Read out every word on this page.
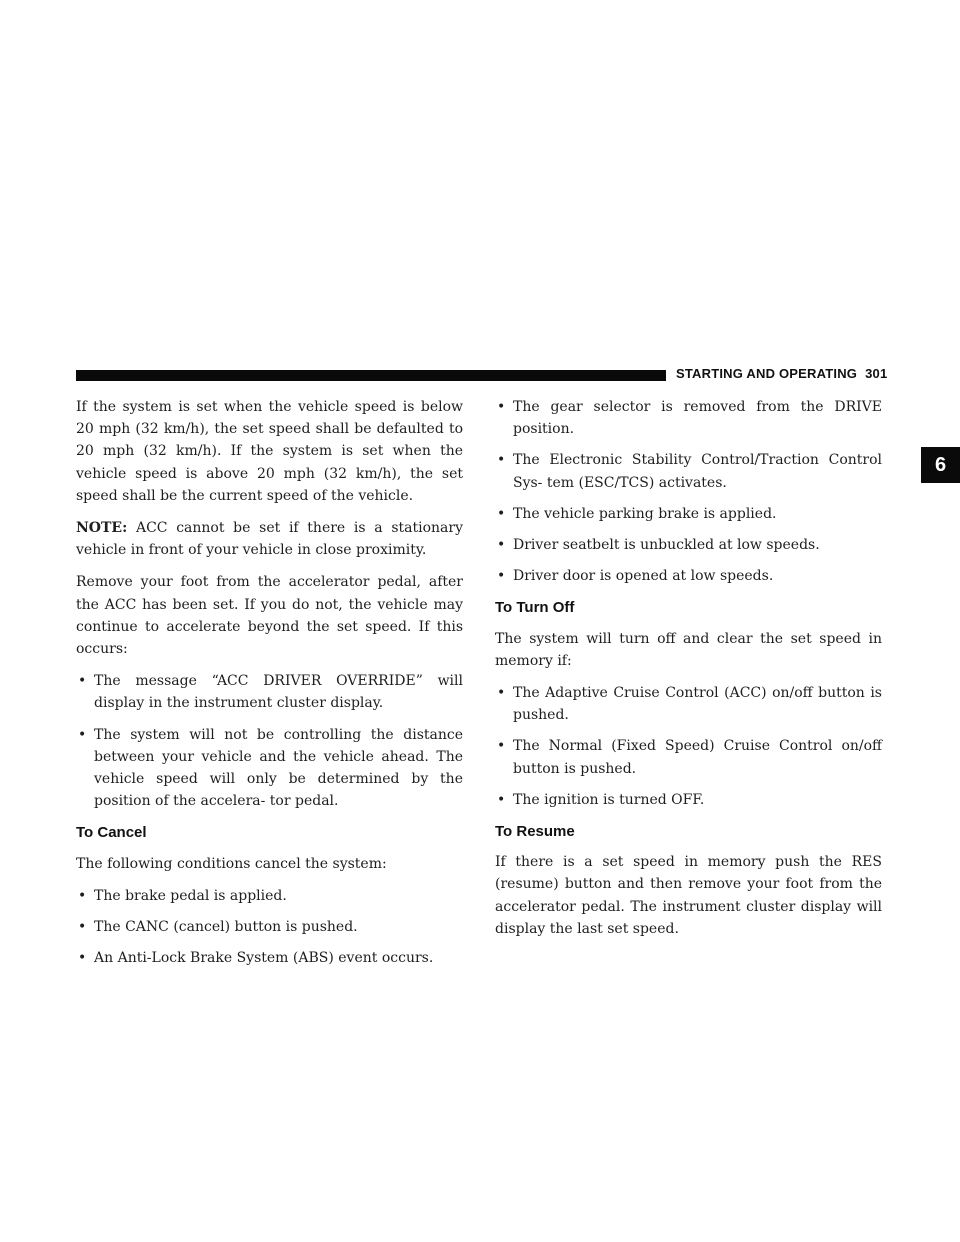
STARTING AND OPERATING 301
6

If the system is set when the vehicle speed is below 20 mph (32 km/h), the set speed shall be defaulted to 20 mph (32 km/h). If the system is set when the vehicle speed is above 20 mph (32 km/h), the set speed shall be the current speed of the vehicle.

NOTE: ACC cannot be set if there is a stationary vehicle in front of your vehicle in close proximity.

Remove your foot from the accelerator pedal, after the ACC has been set. If you do not, the vehicle may continue to accelerate beyond the set speed. If this occurs:

• The message “ACC DRIVER OVERRIDE” will display in the instrument cluster display.
• The system will not be controlling the distance between your vehicle and the vehicle ahead. The vehicle speed will only be determined by the position of the accelera- tor pedal.
To Cancel

The following conditions cancel the system:

• The brake pedal is applied.
• The CANC (cancel) button is pushed.
• An Anti-Lock Brake System (ABS) event occurs.
• The gear selector is removed from the DRIVE position.
• The Electronic Stability Control/Traction Control Sys- tem (ESC/TCS) activates.
• The vehicle parking brake is applied.
• Driver seatbelt is unbuckled at low speeds.
• Driver door is opened at low speeds.
To Turn Off

The system will turn off and clear the set speed in memory if:

• The Adaptive Cruise Control (ACC) on/off button is pushed.
• The Normal (Fixed Speed) Cruise Control on/off button is pushed.
• The ignition is turned OFF.
To Resume

If there is a set speed in memory push the RES (resume) button and then remove your foot from the accelerator pedal. The instrument cluster display will display the last set speed.
